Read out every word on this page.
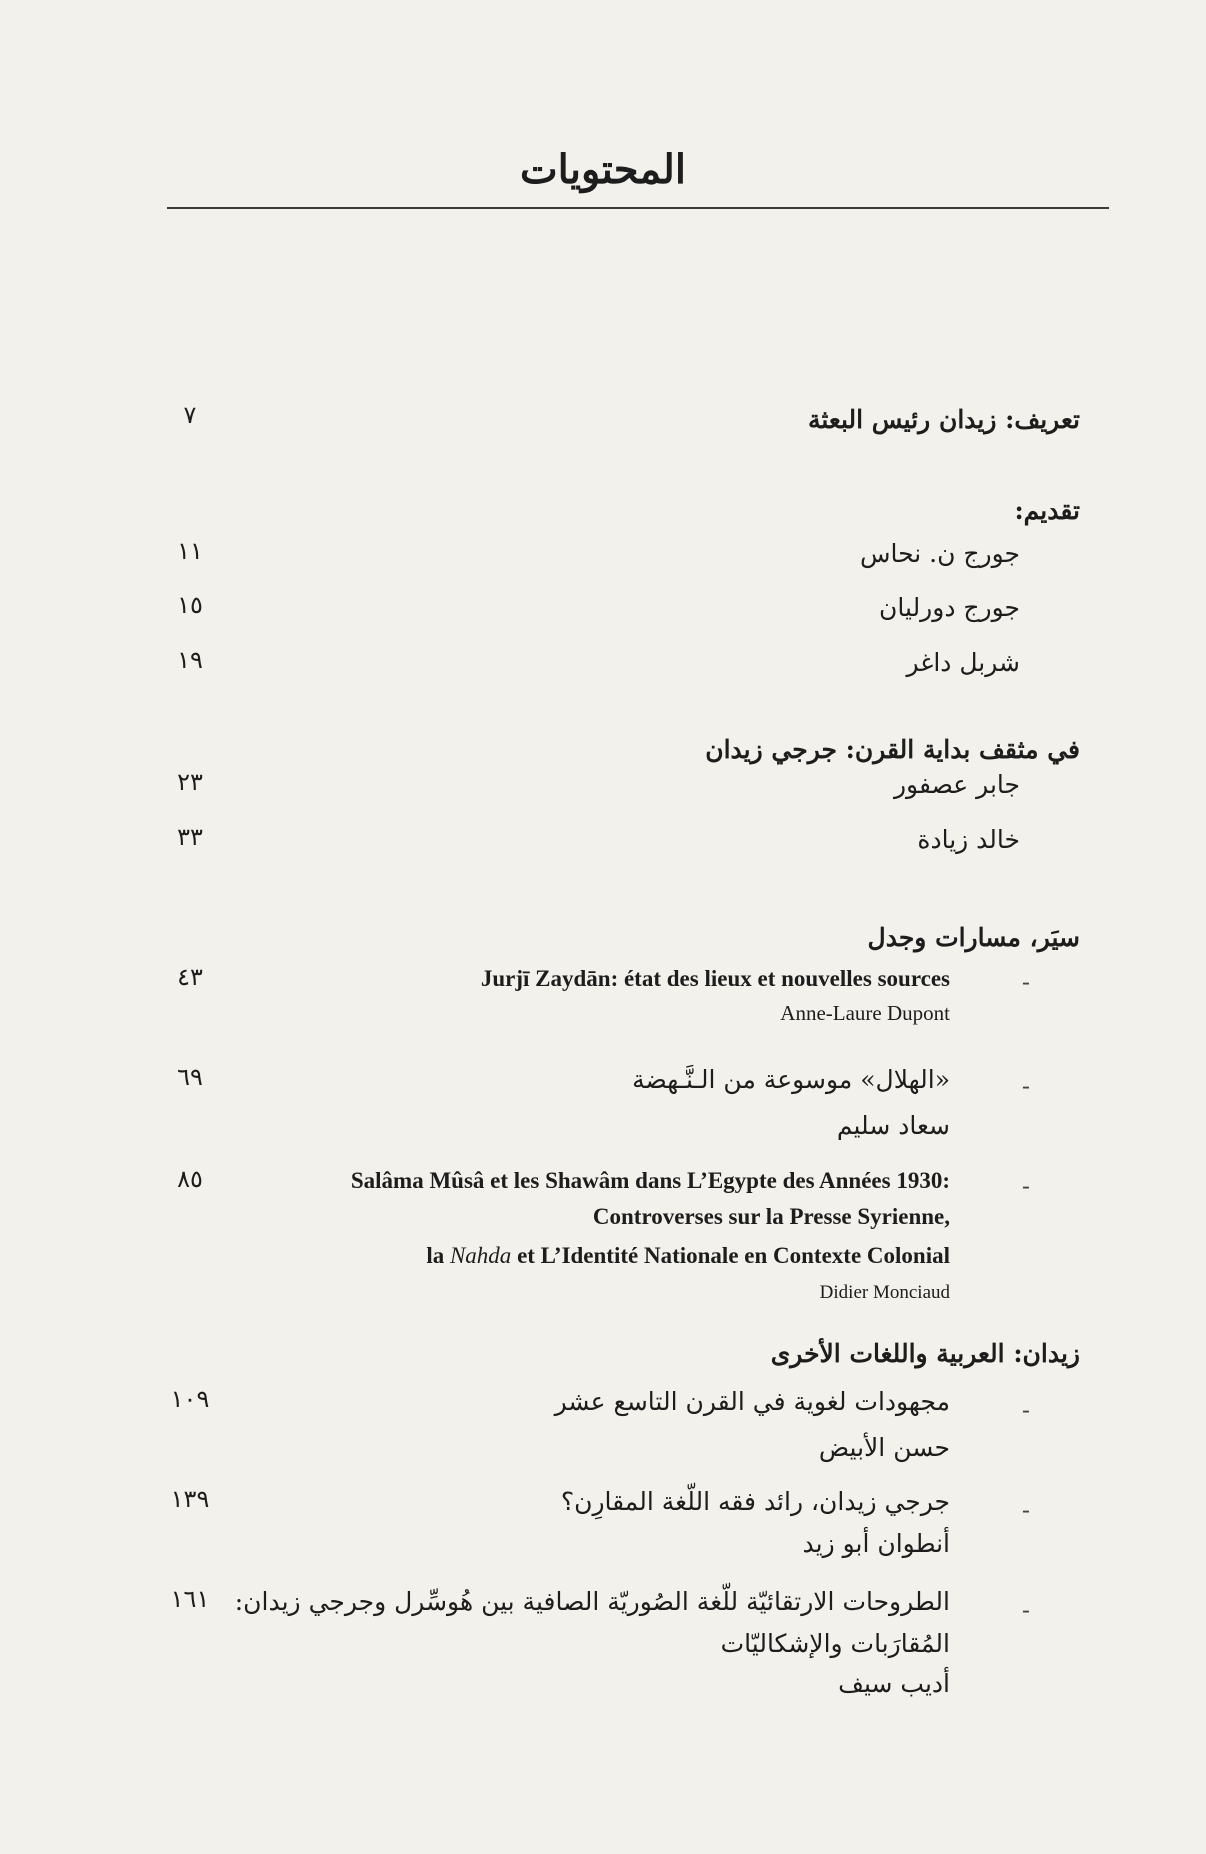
المحتويات
٧	تعريف: زيدان رئيس البعثة
تقديم:
١١	جورج ن. نحاس
١٥	جورج دورليان
١٩	شربل داغر
في مثقف بداية القرن: جرجي زيدان
٢٣	جابر عصفور
٣٣	خالد زيادة
سيَر، مسارات وجدل
٤٣	-
Jurjī Zaydān: état des lieux et nouvelles sources
Anne-Laure Dupont
٦٩	-
«الهلال» موسوعة من الـنَّـهضة
سعاد سليم
٨٥	-
Salâma Mûsâ et les Shawâm dans L’Egypte des Années 1930:
Controverses sur la Presse Syrienne,
la Nahda et L’Identité Nationale en Contexte Colonial
Didier Monciaud
زيدان: العربية واللغات الأخرى
١٠٩	-
مجهودات لغوية في القرن التاسع عشر
حسن الأبيض
١٣٩	-
جرجي زيدان، رائد فقه اللّغة المقارِن؟
أنطوان أبو زيد
١٦١	-
الطروحات الارتقائيّة للّغة الصُوريّة الصافية بين هُوسِّرل وجرجي زيدان:
المُقارَبات والإشكاليّات
أديب سيف
